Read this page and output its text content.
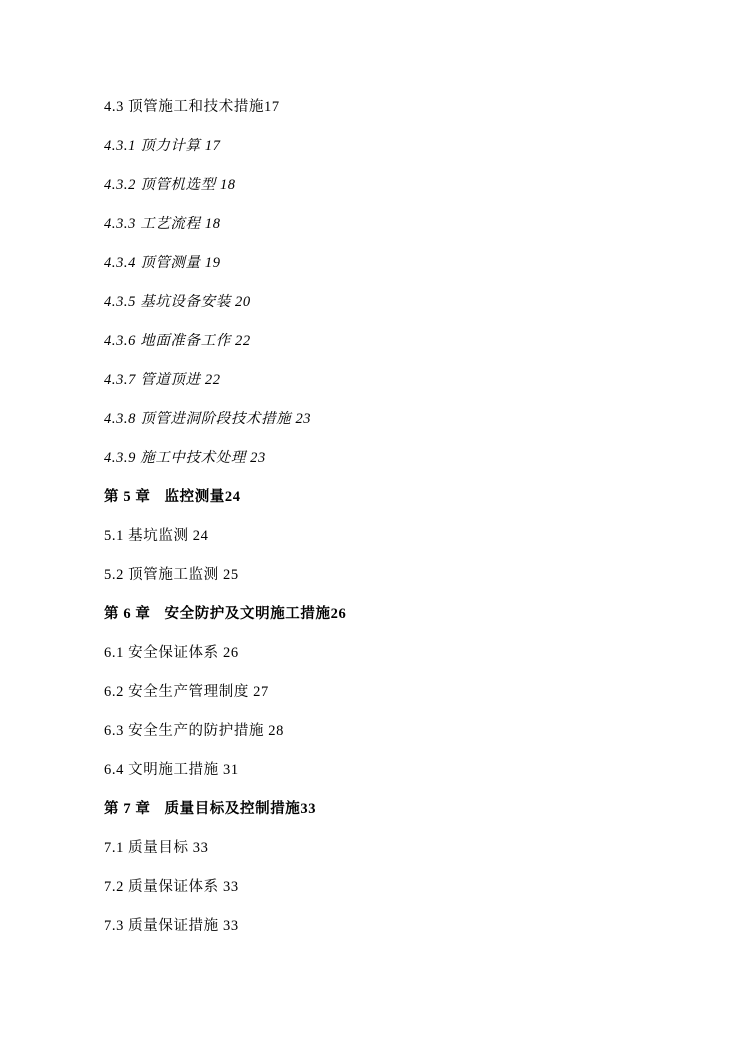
4.3 顶管施工和技术措施17
4.3.1 顶力计算 17
4.3.2 顶管机选型 18
4.3.3 工艺流程 18
4.3.4 顶管测量 19
4.3.5 基坑设备安装 20
4.3.6 地面准备工作 22
4.3.7 管道顶进 22
4.3.8 顶管进洞阶段技术措施 23
4.3.9 施工中技术处理 23
第 5 章 监控测量24
5.1 基坑监测 24
5.2 顶管施工监测 25
第 6 章 安全防护及文明施工措施26
6.1 安全保证体系 26
6.2 安全生产管理制度 27
6.3 安全生产的防护措施 28
6.4 文明施工措施 31
第 7 章 质量目标及控制措施33
7.1 质量目标 33
7.2 质量保证体系 33
7.3 质量保证措施 33
